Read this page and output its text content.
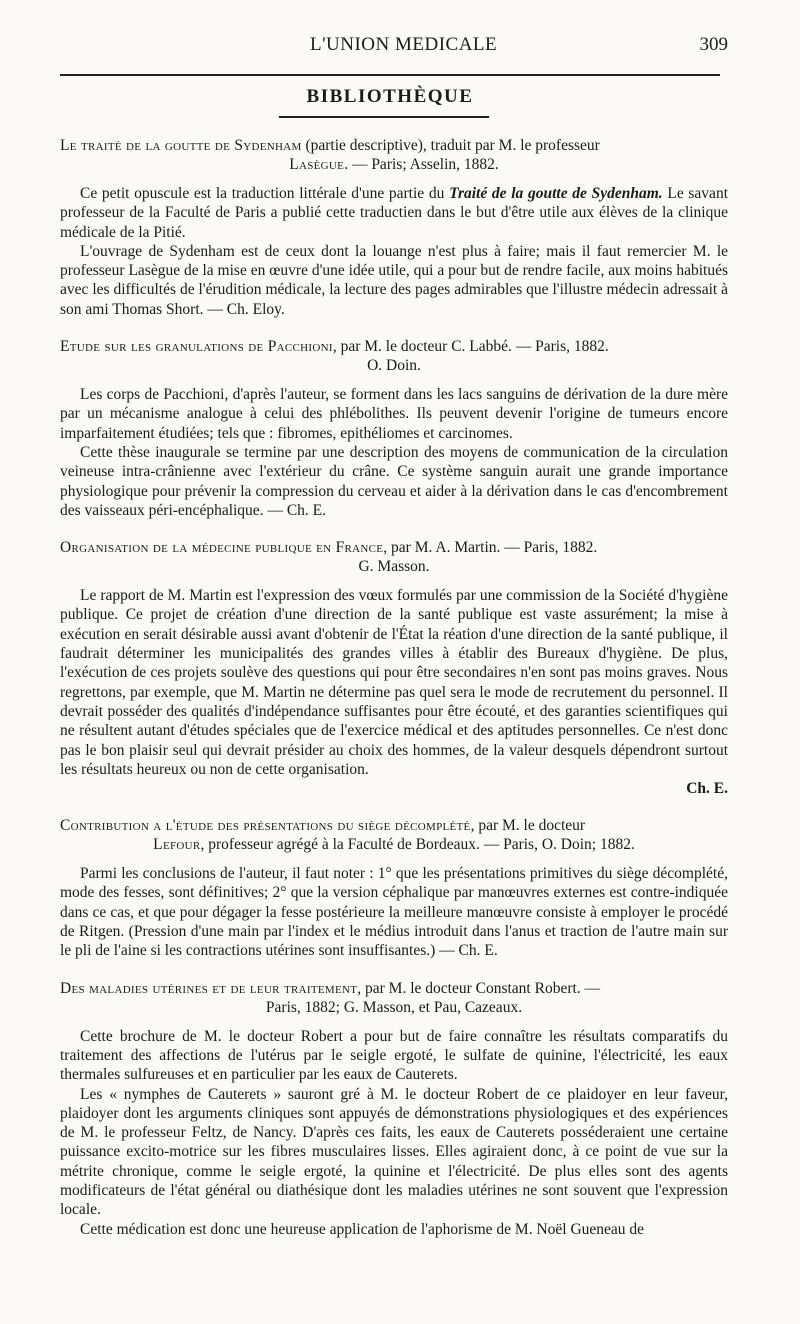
L'UNION MEDICALE	309
BIBLIOTHÈQUE
Le traité de la goutte de Sydenham (partie descriptive), traduit par M. le professeur
Lasègue. — Paris; Asselin, 1882.

Ce petit opuscule est la traduction littérale d'une partie du Traité de la goutte de Sydenham. Le savant professeur de la Faculté de Paris a publié cette traductien dans le but d'être utile aux élèves de la clinique médicale de la Pitié.

L'ouvrage de Sydenham est de ceux dont la louange n'est plus à faire; mais il faut remercier M. le professeur Lasègue de la mise en œuvre d'une idée utile, qui a pour but de rendre facile, aux moins habitués avec les difficultés de l'érudition médicale, la lecture des pages admirables que l'illustre médecin adressait à son ami Thomas Short. — Ch. Eloy.

Etude sur les granulations de Pacchioni, par M. le docteur C. Labbé. — Paris, 1882.
O. Doin.

Les corps de Pacchioni, d'après l'auteur, se forment dans les lacs sanguins de dérivation de la dure mère par un mécanisme analogue à celui des phlébolithes. Ils peuvent devenir l'origine de tumeurs encore imparfaitement étudiées; tels que : fibromes, epithéliomes et carcinomes.

Cette thèse inaugurale se termine par une description des moyens de communication de la circulation veineuse intra-crânienne avec l'extérieur du crâne. Ce système sanguin aurait une grande importance physiologique pour prévenir la compression du cerveau et aider à la dérivation dans le cas d'encombrement des vaisseaux péri-encéphalique. — Ch. E.

Organisation de la médecine publique en France, par M. A. Martin. — Paris, 1882.
G. Masson.

Le rapport de M. Martin est l'expression des vœux formulés par une commission de la Société d'hygiène publique. Ce projet de création d'une direction de la santé publique est vaste assurément; la mise à exécution en serait désirable aussi avant d'obtenir de l'État la réation d'une direction de la santé publique, il faudrait déterminer les municipalités des grandes villes à établir des Bureaux d'hygiène. De plus, l'exécution de ces projets soulève des questions qui pour être secondaires n'en sont pas moins graves. Nous regrettons, par exemple, que M. Martin ne détermine pas quel sera le mode de recrutement du personnel. Il devrait posséder des qualités d'indépendance suffisantes pour être écouté, et des garanties scientifiques qui ne résultent autant d'études spéciales que de l'exercice médical et des aptitudes personnelles. Ce n'est donc pas le bon plaisir seul qui devrait présider au choix des hommes, de la valeur desquels dépendront surtout les résultats heureux ou non de cette organisation.

Ch. E.
Contribution a l'étude des présentations du siège décomplété, par M. le docteur
Lefour, professeur agrégé à la Faculté de Bordeaux. — Paris, O. Doin; 1882.

Parmi les conclusions de l'auteur, il faut noter : 1° que les présentations primitives du siège décomplété, mode des fesses, sont définitives; 2° que la version céphalique par manœuvres externes est contre-indiquée dans ce cas, et que pour dégager la fesse postérieure la meilleure manœuvre consiste à employer le procédé de Ritgen. (Pression d'une main par l'index et le médius introduit dans l'anus et traction de l'autre main sur le pli de l'aine si les contractions utérines sont insuffisantes.) — Ch. E.

Des maladies utérines et de leur traitement, par M. le docteur Constant Robert. —
Paris, 1882; G. Masson, et Pau, Cazeaux.

Cette brochure de M. le docteur Robert a pour but de faire connaître les résultats comparatifs du traitement des affections de l'utérus par le seigle ergoté, le sulfate de quinine, l'électricité, les eaux thermales sulfureuses et en particulier par les eaux de Cauterets.

Les « nymphes de Cauterets » sauront gré à M. le docteur Robert de ce plaidoyer en leur faveur, plaidoyer dont les arguments cliniques sont appuyés de démonstrations physiologiques et des expériences de M. le professeur Feltz, de Nancy. D'après ces faits, les eaux de Cauterets posséderaient une certaine puissance excito-motrice sur les fibres musculaires lisses. Elles agiraient donc, à ce point de vue sur la métrite chronique, comme le seigle ergoté, la quinine et l'électricité. De plus elles sont des agents modificateurs de l'état général ou diathésique dont les maladies utérines ne sont souvent que l'expression locale.

Cette médication est donc une heureuse application de l'aphorisme de M. Noël Gueneau de
